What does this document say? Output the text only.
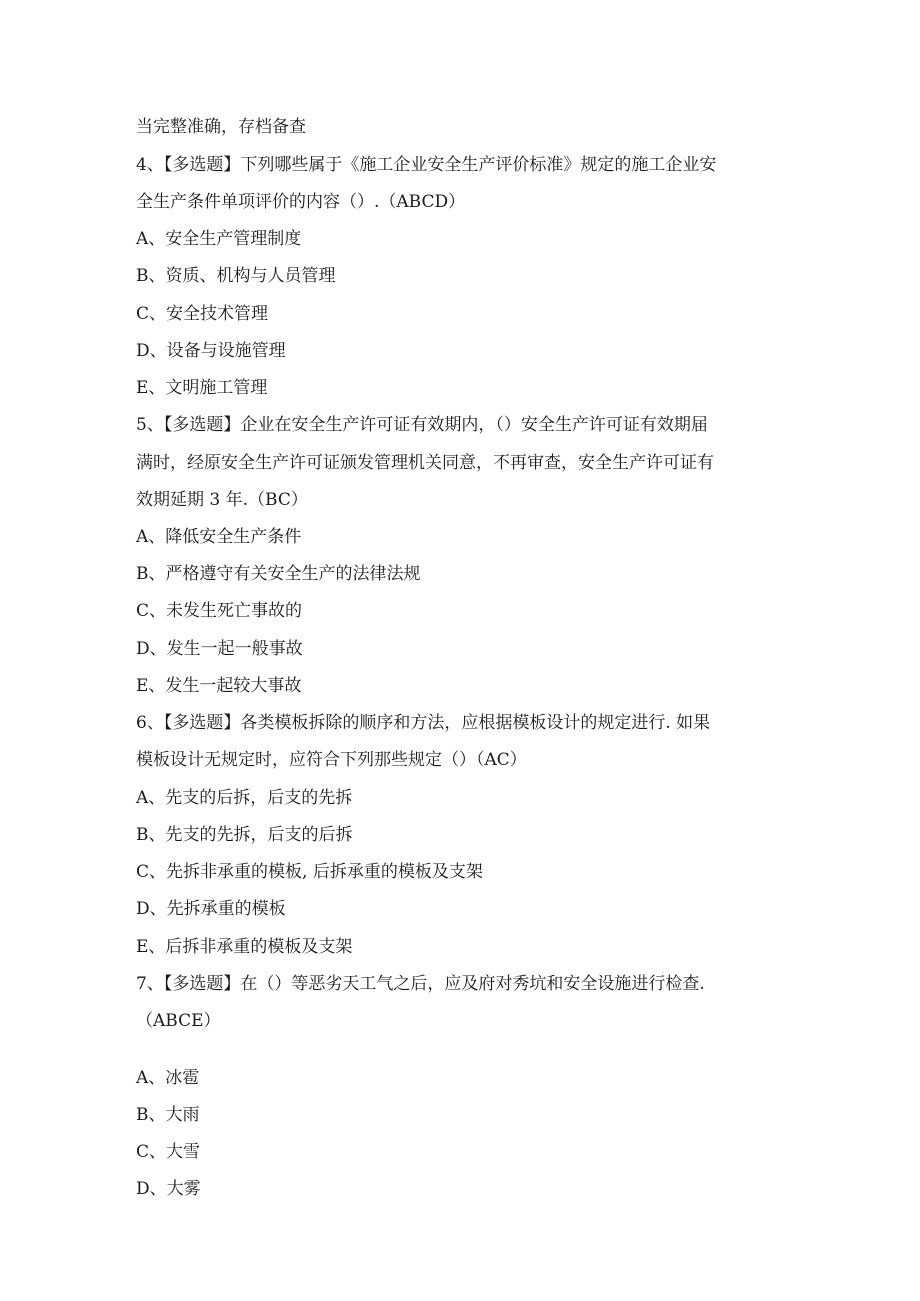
当完整准确，存档备查
4、【多选题】下列哪些属于《施工企业安全生产评价标准》规定的施工企业安
全生产条件单项评价的内容（）.（ABCD）
A、安全生产管理制度
B、资质、机构与人员管理
C、安全技术管理
D、设备与设施管理
E、文明施工管理
5、【多选题】企业在安全生产许可证有效期内，（）安全生产许可证有效期届
满时，经原安全生产许可证颁发管理机关同意，不再审查，安全生产许可证有
效期延期 3 年.（BC）
A、降低安全生产条件
B、严格遵守有关安全生产的法律法规
C、未发生死亡事故的
D、发生一起一般事故
E、发生一起较大事故
6、【多选题】各类模板拆除的顺序和方法，应根据模板设计的规定进行. 如果
模板设计无规定时，应符合下列那些规定（）（AC）
A、先支的后拆，后支的先拆
B、先支的先拆，后支的后拆
C、先拆非承重的模板, 后拆承重的模板及支架
D、先拆承重的模板
E、后拆非承重的模板及支架
7、【多选题】在（）等恶劣天工气之后，应及府对秀坑和安全设施进行检查.
（ABCE）
A、冰雹
B、大雨
C、大雪
D、大雾
